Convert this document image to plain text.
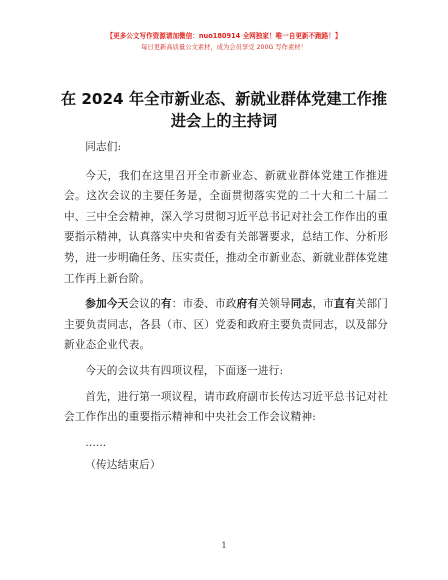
【更多公文写作资源请加微信：nuo180914 全网独家！唯一自更新不跑路！】
每日更新高质量公文素材，成为会员享受 200G 写作素材！
在 2024 年全市新业态、新就业群体党建工作推进会上的主持词

同志们:

今天，我们在这里召开全市新业态、新就业群体党建工作推进会。这次会议的主要任务是，全面贯彻落实党的二十大和二十届二中、三中全会精神，深入学习贯彻习近平总书记对社会工作作出的重要指示精神，认真落实中央和省委有关部署要求，总结工作、分析形势，进一步明确任务、压实责任，推动全市新业态、新就业群体党建工作再上新台阶。

参加今天会议的有：市委、市政府有关领导同志，市直有关部门主要负责同志，各县（市、区）党委和政府主要负责同志，以及部分新业态企业代表。

今天的会议共有四项议程，下面逐一进行:

首先，进行第一项议程，请市政府副市长传达习近平总书记对社会工作作出的重要指示精神和中央社会工作会议精神:

……

（传达结束后）

1
